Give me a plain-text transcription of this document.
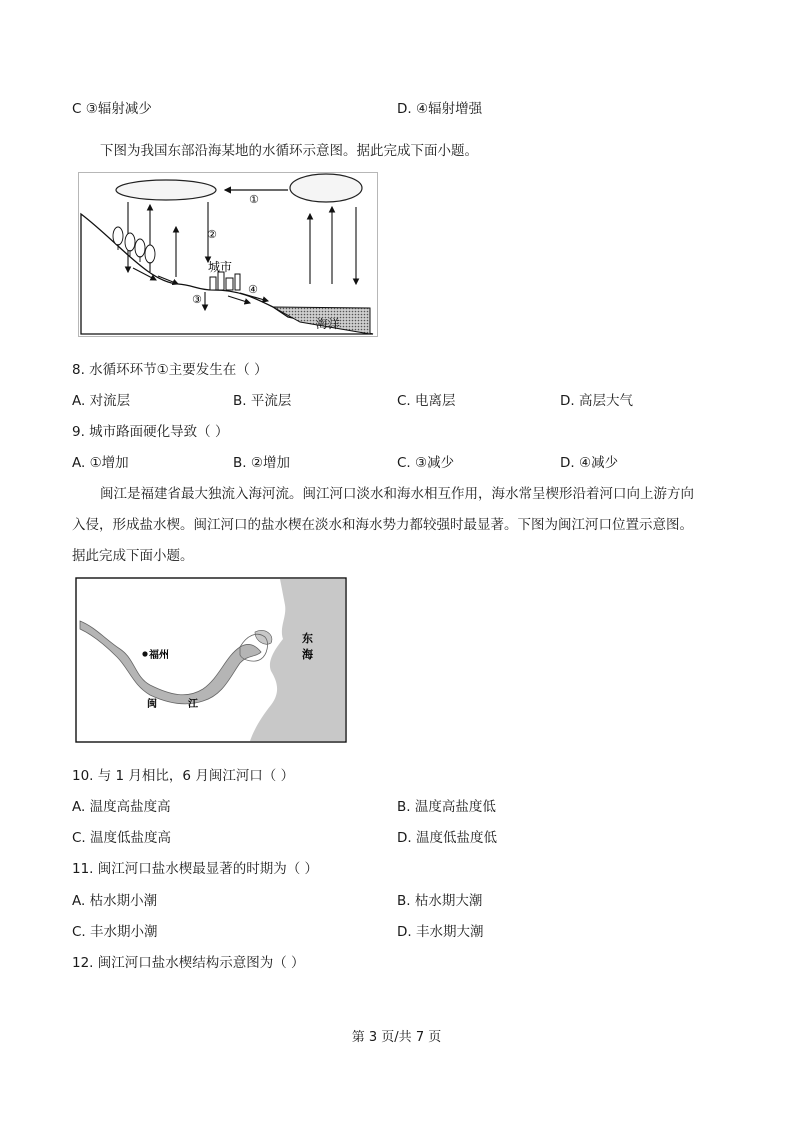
C ③辐射减少	D. ④辐射增强
下图为我国东部沿海某地的水循环示意图。据此完成下面小题。
海洋
①
②
城市
③
④
8. 水循环环节①主要发生在（ ）
A. 对流层	B. 平流层	C. 电离层	D. 高层大气
9. 城市路面硬化导致（ ）
A. ①增加	B. ②增加	C. ③减少	D. ④减少
闽江是福建省最大独流入海河流。闽江河口淡水和海水相互作用，海水常呈楔形沿着河口向上游方向
入侵，形成盐水楔。闽江河口的盐水楔在淡水和海水势力都较强时最显著。下图为闽江河口位置示意图。
据此完成下面小题。
福州
闽	江
东
海
10. 与 1 月相比，6 月闽江河口（ ）
A. 温度高盐度高	B. 温度高盐度低
C. 温度低盐度高	D. 温度低盐度低
11. 闽江河口盐水楔最显著的时期为（ ）
A. 枯水期小潮	B. 枯水期大潮
C. 丰水期小潮	D. 丰水期大潮
12. 闽江河口盐水楔结构示意图为（ ）
第 3 页/共 7 页
